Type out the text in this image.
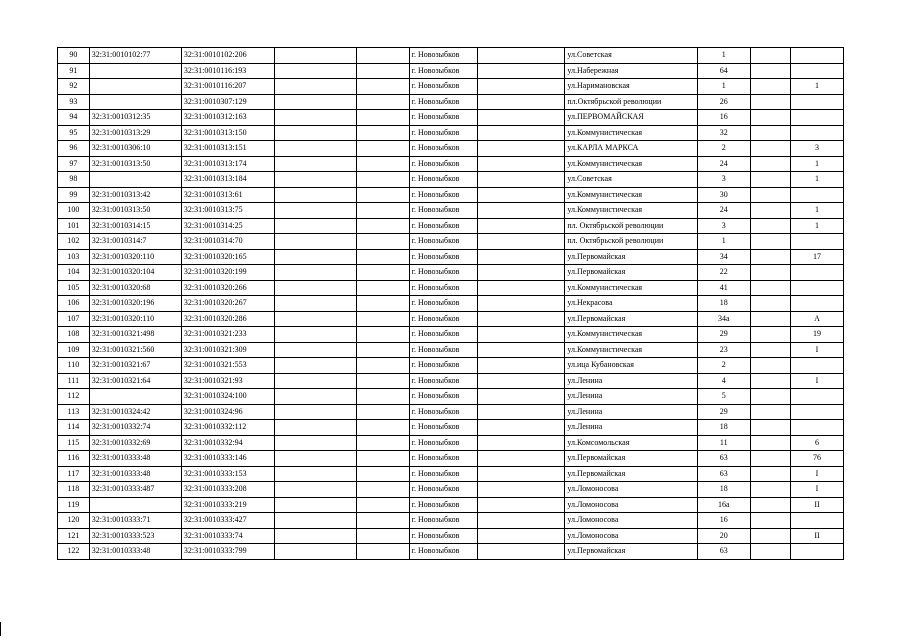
90	32:31:0010102:77	32:31:0010102:206			г. Новозыбков		ул.Советская	1		
91		32:31:0010116:193			г. Новозыбков		ул.Набережная	64		
92		32:31:0010116:207			г. Новозыбков		ул.Наримановская	1		1
93		32:31:0010307:129			г. Новозыбков		пл.Октябрьской революции	26		
94	32:31:0010312:35	32:31:0010312:163			г. Новозыбков		ул.ПЕРВОМАЙСКАЯ	16		
95	32:31:0010313:29	32:31:0010313:150			г. Новозыбков		ул.Коммунистическая	32		
96	32:31:0010306:10	32:31:0010313:151			г. Новозыбков		ул.КАРЛА МАРКСА	2		3
97	32:31:0010313:50	32:31:0010313:174			г. Новозыбков		ул.Коммунистическая	24		1
98		32:31:0010313:184			г. Новозыбков		ул.Советская	3		1
99	32:31:0010313:42	32:31:0010313:61			г. Новозыбков		ул.Коммунистическая	30		
100	32:31:0010313:50	32:31:0010313:75			г. Новозыбков		ул.Коммунистическая	24		1
101	32:31:0010314:15	32:31:0010314:25			г. Новозыбков		пл. Октябрьской революции	3		1
102	32:31:0010314:7	32:31:0010314:70			г. Новозыбков		пл. Октябрьской революции	1		
103	32:31:0010320:110	32:31:0010320:165			г. Новозыбков		ул.Первомайская	34		17
104	32:31:0010320:104	32:31:0010320:199			г. Новозыбков		ул.Первомайская	22		
105	32:31:0010320:68	32:31:0010320:266			г. Новозыбков		ул.Коммунистическая	41		
106	32:31:0010320:196	32:31:0010320:267			г. Новозыбков		ул.Некрасова	18		
107	32:31:0010320:110	32:31:0010320:286			г. Новозыбков		ул.Первомайская	34а		А
108	32:31:0010321:498	32:31:0010321:233			г. Новозыбков		ул.Коммунистическая	29		19
109	32:31:0010321:560	32:31:0010321:309			г. Новозыбков		ул.Коммунистическая	23		I
110	32:31:0010321:67	32:31:0010321:553			г. Новозыбков		ул.ица Кубановская	2		
111	32:31:0010321:64	32:31:0010321:93			г. Новозыбков		ул.Ленина	4		I
112		32:31:0010324:100			г. Новозыбков		ул.Ленина	5		
113	32:31:0010324:42	32:31:0010324:96			г. Новозыбков		ул.Ленина	29		
114	32:31:0010332:74	32:31:0010332:112			г. Новозыбков		ул.Ленина	18		
115	32:31:0010332:69	32:31:0010332:94			г. Новозыбков		ул.Комсомольская	11		6
116	32:31:0010333:48	32:31:0010333:146			г. Новозыбков		ул.Первомайская	63		76
117	32:31:0010333:48	32:31:0010333:153			г. Новозыбков		ул.Первомайская	63		I
118	32:31:0010333:487	32:31:0010333:208			г. Новозыбков		ул.Ломоносова	18		I
119		32:31:0010333:219			г. Новозыбков		ул.Ломоносова	16а		II
120	32:31:0010333:71	32:31:0010333:427			г. Новозыбков		ул.Ломоносова	16		
121	32:31:0010333:523	32:31:0010333:74			г. Новозыбков		ул.Ломоносова	20		II
122	32:31:0010333:48	32:31:0010333:799			г. Новозыбков		ул.Первомайская	63		
